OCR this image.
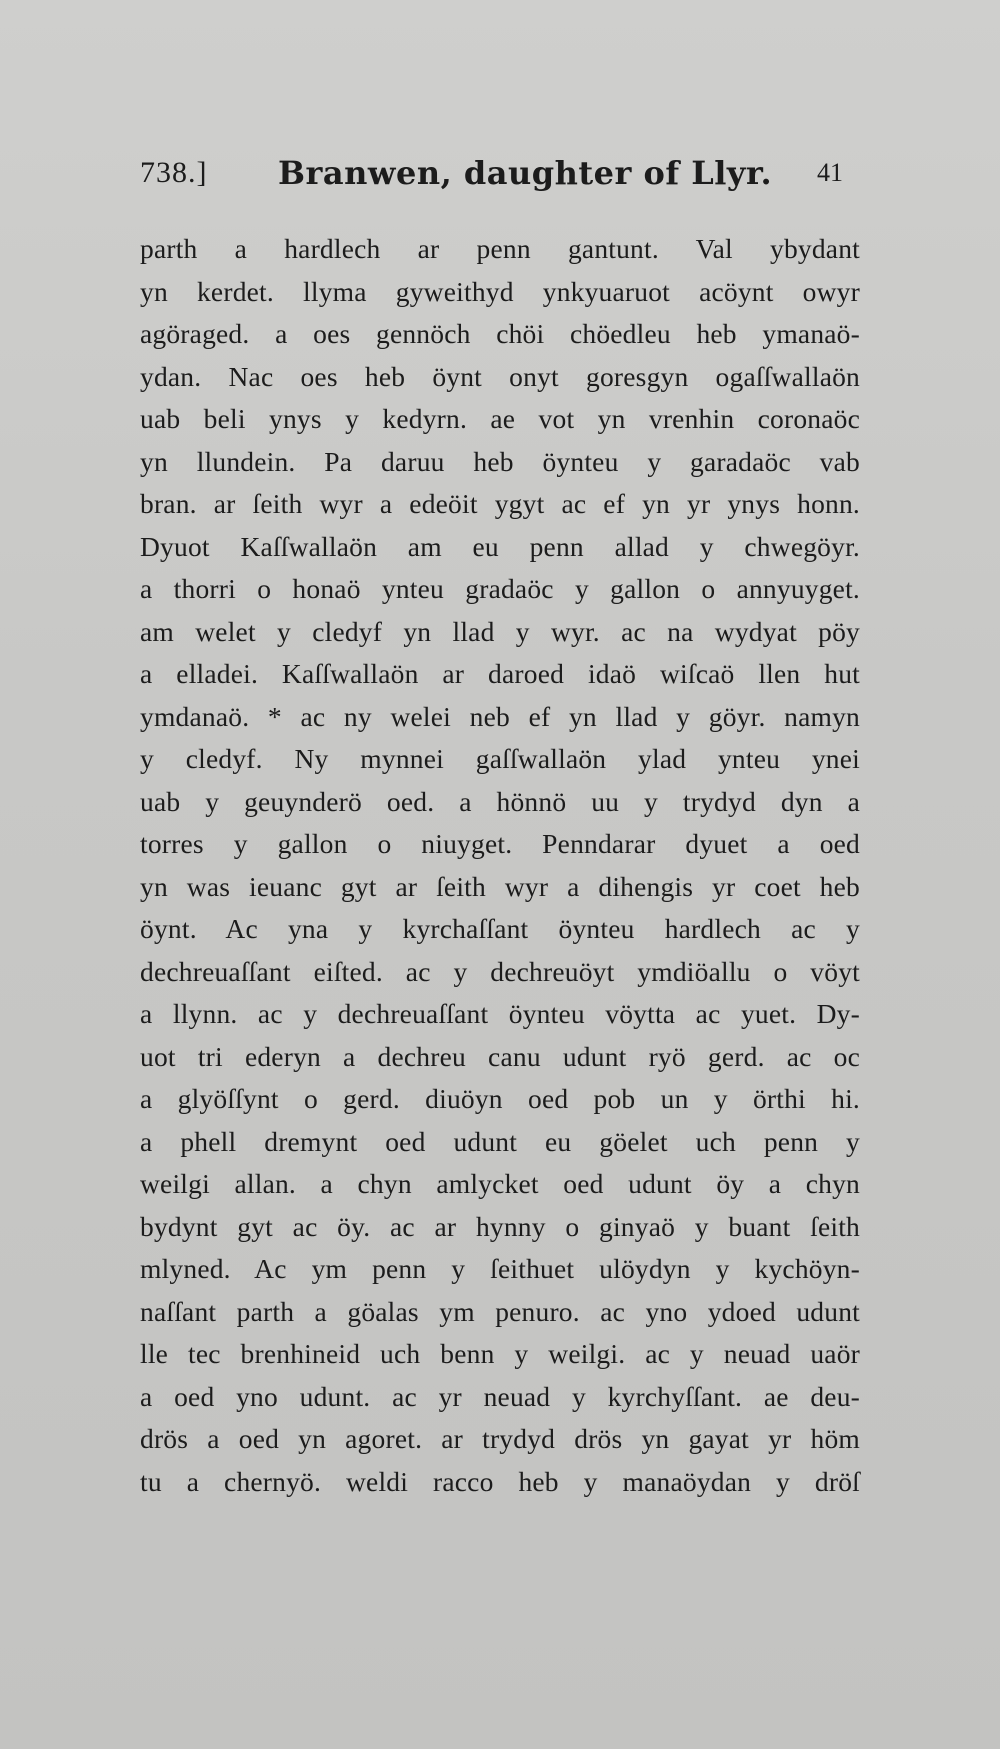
738.] Branwen, daughter of Llyr. 41
parth a hardlech ar penn gantunt. Val ybydant
yn kerdet. llyma gyweithyd ynkyuaruot acöynt owyr
agöraged. a oes gennöch chöi chöedleu heb ymanaö-
ydan. Nac oes heb öynt onyt goresgyn ogaſſwallaön
uab beli ynys y kedyrn. ae vot yn vrenhin coronaöc
yn llundein. Pa daruu heb öynteu y garadaöc vab
bran. ar ſeith wyr a edeöit ygyt ac ef yn yr ynys honn.
Dyuot Kaſſwallaön am eu penn allad y chwegöyr.
a thorri o honaö ynteu gradaöc y gallon o annyuyget.
am welet y cledyf yn llad y wyr. ac na wydyat pöy
a elladei. Kaſſwallaön ar daroed idaö wiſcaö llen hut
ymdanaö. * ac ny welei neb ef yn llad y göyr. namyn
y cledyf. Ny mynnei gaſſwallaön ylad ynteu ynei
uab y geuynderö oed. a hönnö uu y trydyd dyn a
torres y gallon o niuyget. Penndarar dyuet a oed
yn was ieuanc gyt ar ſeith wyr a dihengis yr coet heb
öynt. Ac yna y kyrchaſſant öynteu hardlech ac y
dechreuaſſant eiſted. ac y dechreuöyt ymdiöallu o vöyt
a llynn. ac y dechreuaſſant öynteu vöytta ac yuet. Dy-
uot tri ederyn a dechreu canu udunt ryö gerd. ac oc
a glyöſſynt o gerd. diuöyn oed pob un y örthi hi.
a phell dremynt oed udunt eu göelet uch penn y
weilgi allan. a chyn amlycket oed udunt öy a chyn
bydynt gyt ac öy. ac ar hynny o ginyaö y buant ſeith
mlyned. Ac ym penn y ſeithuet ulöydyn y kychöyn-
naſſant parth a göalas ym penuro. ac yno ydoed udunt
lle tec brenhineid uch benn y weilgi. ac y neuad uaör
a oed yno udunt. ac yr neuad y kyrchyſſant. ae deu-
drös a oed yn agoret. ar trydyd drös yn gayat yr höm
tu a chernyö. weldi racco heb y manaöydan y dröſ
